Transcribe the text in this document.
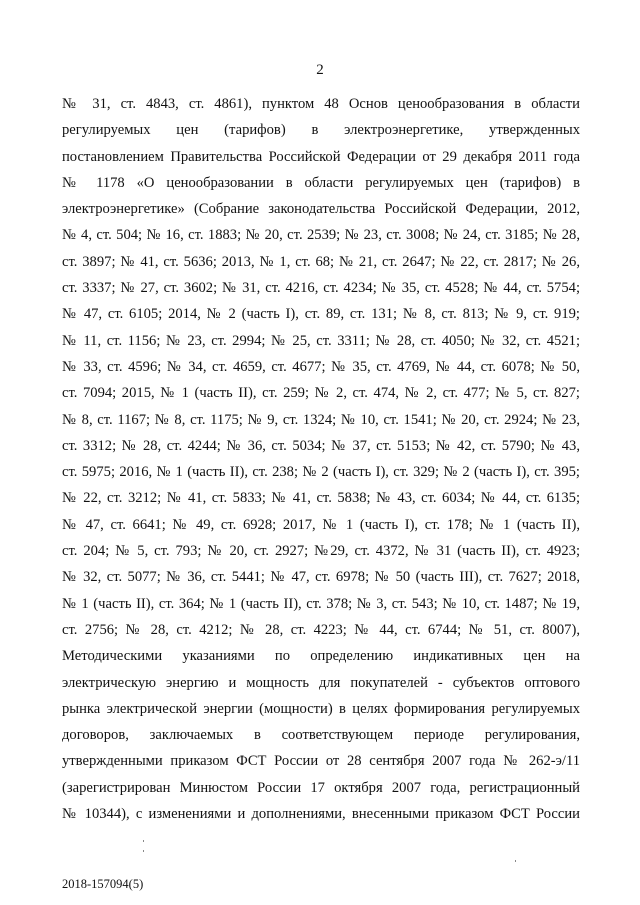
2
№ 31, ст. 4843, ст. 4861), пунктом 48 Основ ценообразования в области
регулируемых цен (тарифов) в электроэнергетике, утвержденных
постановлением Правительства Российской Федерации от 29 декабря 2011 года
№ 1178 «О ценообразовании в области регулируемых цен (тарифов) в
электроэнергетике» (Собрание законодательства Российской Федерации, 2012,
№ 4, ст. 504; № 16, ст. 1883; № 20, ст. 2539; № 23, ст. 3008; № 24, ст. 3185; № 28,
ст. 3897; № 41, ст. 5636; 2013, № 1, ст. 68; № 21, ст. 2647; № 22, ст. 2817; № 26,
ст. 3337; № 27, ст. 3602; № 31, ст. 4216, ст. 4234; № 35, ст. 4528; № 44, ст. 5754;
№ 47, ст. 6105; 2014, № 2 (часть I), ст. 89, ст. 131; № 8, ст. 813; № 9, ст. 919;
№ 11, ст. 1156; № 23, ст. 2994; № 25, ст. 3311; № 28, ст. 4050; № 32, ст. 4521;
№ 33, ст. 4596; № 34, ст. 4659, ст. 4677; № 35, ст. 4769, № 44, ст. 6078; № 50,
ст. 7094; 2015, № 1 (часть II), ст. 259; № 2, ст. 474, № 2, ст. 477; № 5, ст. 827;
№ 8, ст. 1167; № 8, ст. 1175; № 9, ст. 1324; № 10, ст. 1541; № 20, ст. 2924; № 23,
ст. 3312; № 28, ст. 4244; № 36, ст. 5034; № 37, ст. 5153; № 42, ст. 5790; № 43,
ст. 5975; 2016, № 1 (часть II), ст. 238; № 2 (часть I), ст. 329; № 2 (часть I), ст. 395;
№ 22, ст. 3212; № 41, ст. 5833; № 41, ст. 5838; № 43, ст. 6034; № 44, ст. 6135;
№ 47, ст. 6641; № 49, ст. 6928; 2017, № 1 (часть I), ст. 178; № 1 (часть II),
ст. 204; № 5, ст. 793; № 20, ст. 2927; №29, ст. 4372, № 31 (часть II), ст. 4923;
№ 32, ст. 5077; № 36, ст. 5441; № 47, ст. 6978; № 50 (часть III), ст. 7627; 2018,
№ 1 (часть II), ст. 364; № 1 (часть II), ст. 378; № 3, ст. 543; № 10, ст. 1487; № 19,
ст. 2756; № 28, ст. 4212; № 28, ст. 4223; № 44, ст. 6744; № 51, ст. 8007),
Методическими указаниями по определению индикативных цен на
электрическую энергию и мощность для покупателей - субъектов оптового
рынка электрической энергии (мощности) в целях формирования регулируемых
договоров, заключаемых в соответствующем периоде регулирования,
утвержденными приказом ФСТ России от 28 сентября 2007 года № 262-э/11
(зарегистрирован Минюстом России 17 октября 2007 года, регистрационный
№ 10344), с изменениями и дополнениями, внесенными приказом ФСТ России
2018-157094(5)
